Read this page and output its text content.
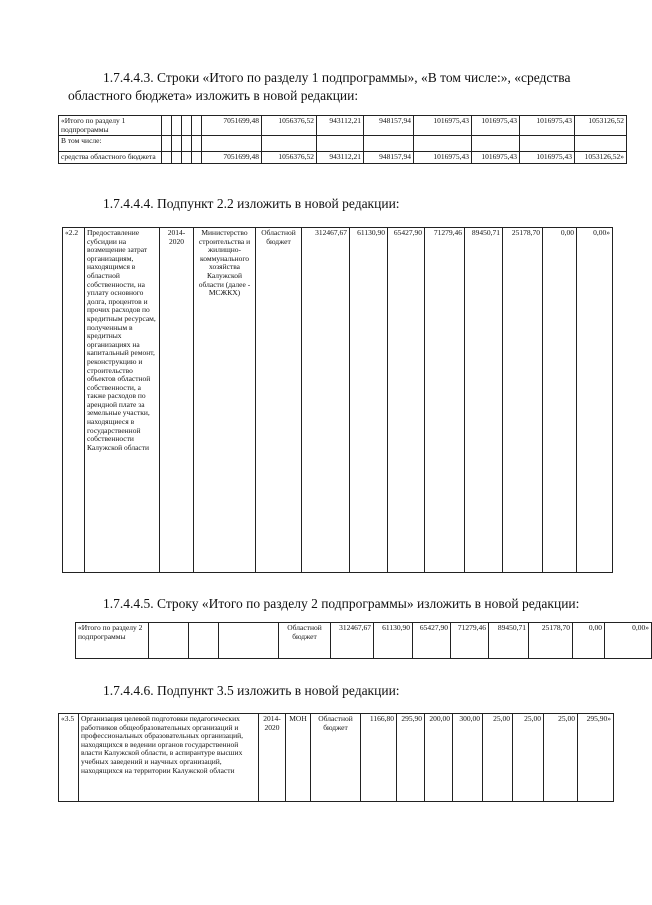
1.7.4.4.3. Строки «Итого по разделу 1 подпрограммы», «В том числе:», «средства
областного бюджета» изложить в новой редакции:
«Итого по разделу 1 подпрограммы					7051699,48	1056376,52	943112,21	948157,94	1016975,43	1016975,43	1016975,43	1053126,52
В том числе:												
средства областного бюджета					7051699,48	1056376,52	943112,21	948157,94	1016975,43	1016975,43	1016975,43	1053126,52»
1.7.4.4.4. Подпункт 2.2 изложить в новой редакции:
«2.2	Предоставление субсидии на возмещение затрат организациям, находящимся в областной собственности, на уплату основного долга, процентов и прочих расходов по кредитным ресурсам, полученным в кредитных организациях на капитальный ремонт, реконструкцию и строительство объектов областной собственности, а также расходов по арендной плате за земельные участки, находящиеся в государственной собственности Калужской области	2014-2020	Министерство строительства и жилищно-коммунального хозяйства Калужской области (далее - МСЖКХ)	Областной бюджет	312467,67	61130,90	65427,90	71279,46	89450,71	25178,70	0,00	0,00»
1.7.4.4.5. Строку «Итого по разделу 2 подпрограммы» изложить в новой редакции:
«Итого по разделу 2 подпрограммы				Областной бюджет	312467,67	61130,90	65427,90	71279,46	89450,71	25178,70	0,00	0,00»
1.7.4.4.6. Подпункт 3.5 изложить в новой редакции:
«3.5	Организация целевой подготовки педагогических работников общеобразовательных организаций и профессиональных образовательных организаций, находящихся в ведении органов государственной власти Калужской области, в аспирантуре высших учебных заведений и научных организаций, находящихся на территории Калужской области	2014-2020	МОН	Областной бюджет	1166,80	295,90	200,00	300,00	25,00	25,00	25,00	295,90»
